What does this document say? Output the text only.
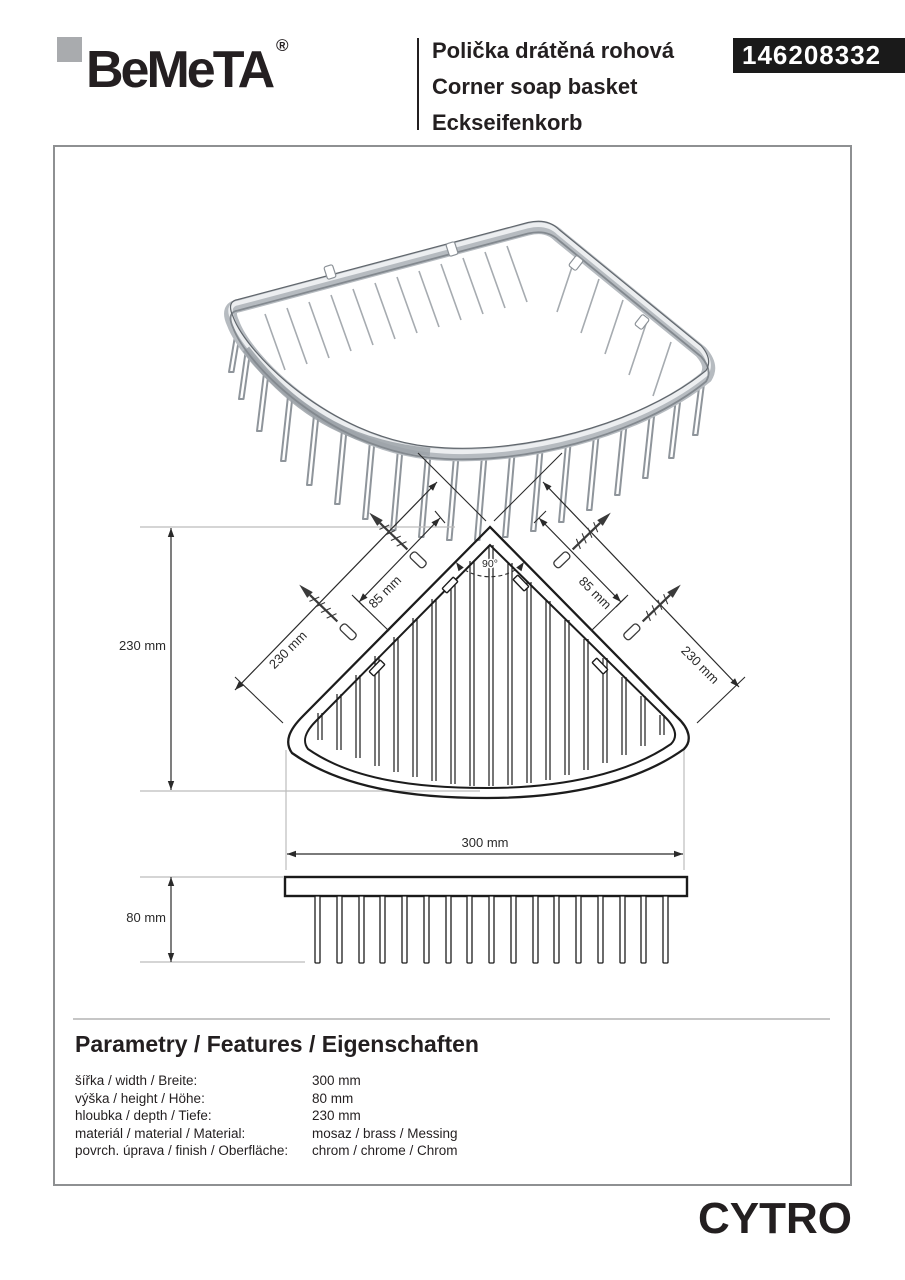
BeMeTA ®	Polička drátěná rohová
Corner soap basket
Eckseifenkorb
146208332
90°
230 mm	230 mm	230 mm
85 mm	85 mm
300 mm
80 mm
Parametry / Features / Eigenschaften
šířka / width / Breite:	300 mm
výška / height / Höhe:	80 mm
hloubka / depth / Tiefe:	230 mm
materiál / material / Material:	mosaz / brass / Messing
povrch. úprava / finish / Oberfläche:	chrom / chrome / Chrom
CYTRO
